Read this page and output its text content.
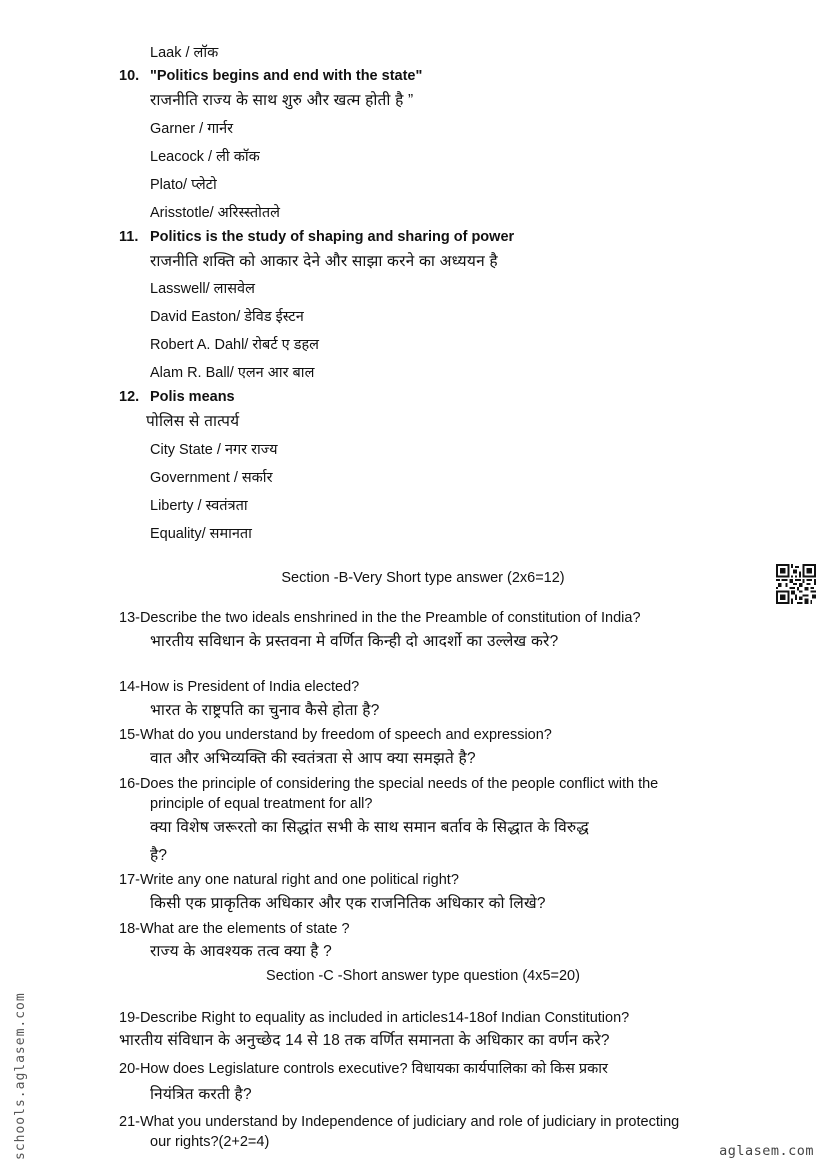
Laak / लॉक
10. "Politics begins and end with the state"
राजनीति राज्य के साथ शुरु और खत्म होती है ”
Garner / गार्नर
Leacock / ली कॉक
Plato/ प्लेटो
Arisstotle/ अरिस्स्तोतले
11. Politics is the study of shaping and sharing of power
राजनीति शक्ति को आकार देने और साझा करने का अध्ययन है
Lasswell/ लासवेल
David Easton/ डेविड ईस्टन
Robert A. Dahl/ रोबर्ट ए डहल
Alam R. Ball/ एलन आर बाल
12. Polis means
पोलिस से तात्पर्य
City State / नगर राज्य
Government / सर्कार
Liberty / स्वतंत्रता
Equality/ समानता
Section -B-Very Short type answer (2x6=12)
13-Describe the two ideals enshrined in the the Preamble of constitution of India?
भारतीय सविधान के प्रस्तवना मे वर्णित किन्ही दो आदर्शो का उल्लेख करे?
14-How is President of India elected?
भारत के राष्ट्रपति का चुनाव कैसे होता है?
15-What do you understand by freedom of speech and expression?
वात और अभिव्यक्ति की स्वतंत्रता से आप क्या समझते है?
16-Does the principle of considering the special needs of the people conflict with the
principle of equal treatment for all?
क्या विशेष जरूरतो का सिद्धांत सभी के साथ समान बर्ताव के सिद्धात के विरुद्ध
है?
17-Write any one natural right and one political right?
किसी एक प्राकृतिक अधिकार और एक राजनितिक अधिकार को लिखे?
18-What are the elements of state ?
राज्य के आवश्यक तत्व क्या है ?
Section -C -Short answer type question (4x5=20)
19-Describe Right to equality as included in articles14-18of Indian Constitution?
भारतीय संविधान के अनुच्छेद 14 से 18 तक वर्णित समानता के अधिकार का वर्णन करे?
20-How does Legislature controls executive? विधायका कार्यपालिका को किस प्रकार
नियंत्रित करती है?
21-What you understand by Independence of judiciary and role of judiciary in protecting
our rights?(2+2=4)
schools.aglasem.com	aglasem.com
